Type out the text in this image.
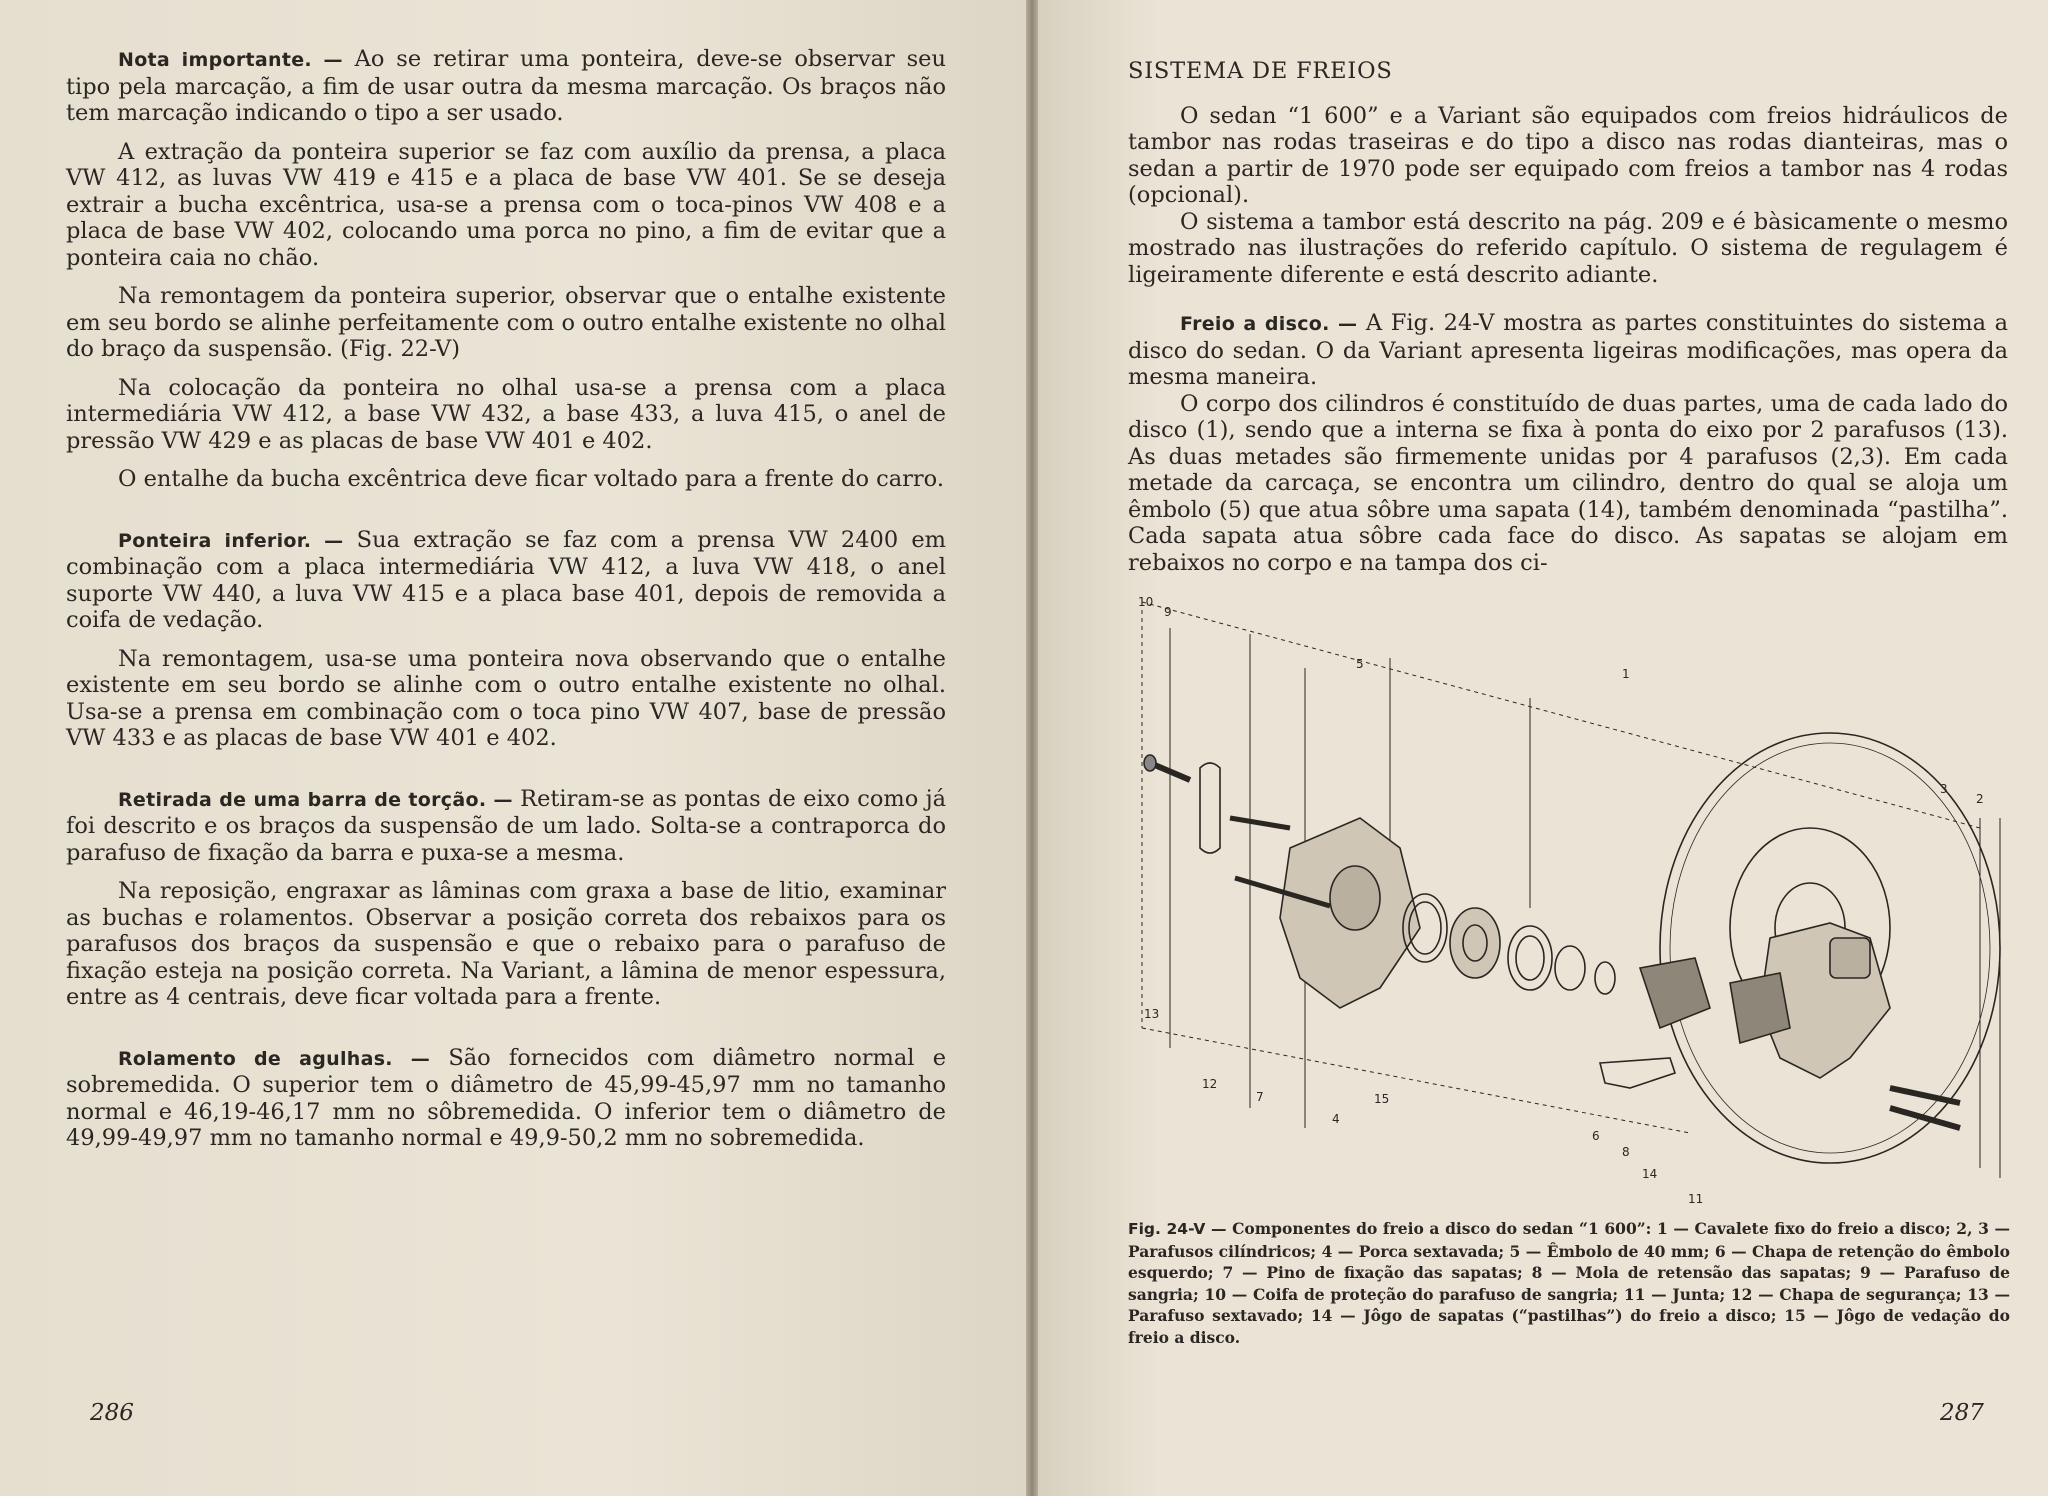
Nota importante. — Ao se retirar uma ponteira, deve-se observar seu tipo pela marcação, a fim de usar outra da mesma marcação. Os braços não tem marcação indicando o tipo a ser usado.

A extração da ponteira superior se faz com auxílio da prensa, a placa VW 412, as luvas VW 419 e 415 e a placa de base VW 401. Se se deseja extrair a bucha excêntrica, usa-se a prensa com o toca-pinos VW 408 e a placa de base VW 402, colocando uma porca no pino, a fim de evitar que a ponteira caia no chão.

Na remontagem da ponteira superior, observar que o entalhe existente em seu bordo se alinhe perfeitamente com o outro entalhe existente no olhal do braço da suspensão. (Fig. 22-V)

Na colocação da ponteira no olhal usa-se a prensa com a placa intermediária VW 412, a base VW 432, a base 433, a luva 415, o anel de pressão VW 429 e as placas de base VW 401 e 402.

O entalhe da bucha excêntrica deve ficar voltado para a frente do carro.

Ponteira inferior. — Sua extração se faz com a prensa VW 2400 em combinação com a placa intermediária VW 412, a luva VW 418, o anel suporte VW 440, a luva VW 415 e a placa base 401, depois de removida a coifa de vedação.

Na remontagem, usa-se uma ponteira nova observando que o entalhe existente em seu bordo se alinhe com o outro entalhe existente no olhal. Usa-se a prensa em combinação com o toca pino VW 407, base de pressão VW 433 e as placas de base VW 401 e 402.

Retirada de uma barra de torção. — Retiram-se as pontas de eixo como já foi descrito e os braços da suspensão de um lado. Solta-se a contraporca do parafuso de fixação da barra e puxa-se a mesma.

Na reposição, engraxar as lâminas com graxa a base de litio, examinar as buchas e rolamentos. Observar a posição correta dos rebaixos para os parafusos dos braços da suspensão e que o rebaixo para o parafuso de fixação esteja na posição correta. Na Variant, a lâmina de menor espessura, entre as 4 centrais, deve ficar voltada para a frente.

Rolamento de agulhas. — São fornecidos com diâmetro normal e sobremedida. O superior tem o diâmetro de 45,99-45,97 mm no tamanho normal e 46,19-46,17 mm no sôbremedida. O inferior tem o diâmetro de 49,99-49,97 mm no tamanho normal e 49,9-50,2 mm no sobremedida.

286
SISTEMA DE FREIOS

O sedan “1 600” e a Variant são equipados com freios hidráulicos de tambor nas rodas traseiras e do tipo a disco nas rodas dianteiras, mas o sedan a partir de 1970 pode ser equipado com freios a tambor nas 4 rodas (opcional).

O sistema a tambor está descrito na pág. 209 e é bàsicamente o mesmo mostrado nas ilustrações do referido capítulo. O sistema de regulagem é ligeiramente diferente e está descrito adiante.

Freio a disco. — A Fig. 24-V mostra as partes constituintes do sistema a disco do sedan. O da Variant apresenta ligeiras modificações, mas opera da mesma maneira.

O corpo dos cilindros é constituído de duas partes, uma de cada lado do disco (1), sendo que a interna se fixa à ponta do eixo por 2 parafusos (13). As duas metades são firmemente unidas por 4 parafusos (2,3). Em cada metade da carcaça, se encontra um cilindro, dentro do qual se aloja um êmbolo (5) que atua sôbre uma sapata (14), também denominada “pastilha”. Cada sapata atua sôbre cada face do disco. As sapatas se alojam em rebaixos no corpo e na tampa dos ci-

10
9
5
1
3
2
13
12
7
4
15
6
8
14
11
Fig. 24-V — Componentes do freio a disco do sedan “1 600”: 1 — Cavalete fixo do freio a disco; 2, 3 — Parafusos cilíndricos; 4 — Porca sextavada; 5 — Êmbolo de 40 mm; 6 — Chapa de retenção do êmbolo esquerdo; 7 — Pino de fixação das sapatas; 8 — Mola de retensão das sapatas; 9 — Parafuso de sangria; 10 — Coifa de proteção do parafuso de sangria; 11 — Junta; 12 — Chapa de segurança; 13 — Parafuso sextavado; 14 — Jôgo de sapatas (“pastilhas”) do freio a disco; 15 — Jôgo de vedação do freio a disco.
287
